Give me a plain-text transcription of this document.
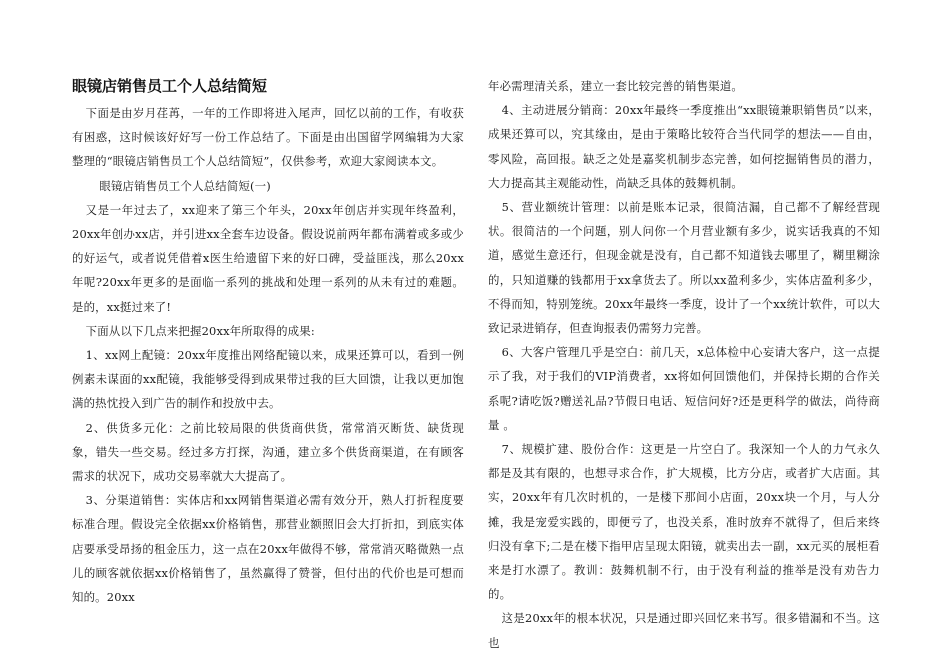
眼镜店销售员工个人总结简短

下面是由岁月荏苒，一年的工作即将进入尾声，回忆以前的工作，有收获有困惑，这时候该好好写一份工作总结了。下面是由出国留学网编辑为大家整理的“眼镜店销售员工个人总结简短”，仅供参考，欢迎大家阅读本文。

眼镜店销售员工个人总结简短(一)

又是一年过去了，xx迎来了第三个年头，20xx年创店并实现年终盈利，20xx年创办xx店，并引进xx全套车边设备。假设说前两年都布满着或多或少的好运气，或者说凭借着x医生给遗留下来的好口碑，受益匪浅，那么20xx年呢?20xx年更多的是面临一系列的挑战和处理一系列的从未有过的难题。是的，xx挺过来了!

下面从以下几点来把握20xx年所取得的成果:

1、xx网上配镜：20xx年度推出网络配镜以来，成果还算可以，看到一例例素未谋面的xx配镜，我能够受得到成果带过我的巨大回馈，让我以更加饱满的热忱投入到广告的制作和投放中去。

2、供货多元化：之前比较局限的供货商供货，常常消灭断货、缺货现象，错失一些交易。经过多方打探，沟通，建立多个供货商渠道，在有顾客需求的状况下，成功交易率就大大提高了。

3、分渠道销售：实体店和xx网销售渠道必需有效分开，熟人打折程度要标准合理。假设完全依据xx价格销售，那营业额照旧会大打折扣，到底实体店要承受昂扬的租金压力，这一点在20xx年做得不够，常常消灭略微熟一点儿的顾客就依据xx价格销售了，虽然赢得了赞誉，但付出的代价也是可想而知的。20xx

年必需理清关系，建立一套比较完善的销售渠道。

4、主动进展分销商：20xx年最终一季度推出“xx眼镜兼职销售员”以来，成果还算可以，究其缘由，是由于策略比较符合当代同学的想法——自由，零风险，高回报。缺乏之处是嘉奖机制步态完善，如何挖掘销售员的潜力，大力提高其主观能动性，尚缺乏具体的鼓舞机制。

5、营业额统计管理：以前是账本记录，很简洁漏，自己都不了解经营现状。很简洁的一个问题，别人问你一个月营业额有多少，说实话我真的不知道，感觉生意还行，但现金就是没有，自己都不知道钱去哪里了，糊里糊涂的，只知道赚的钱都用于xx拿货去了。所以xx盈利多少，实体店盈利多少，不得而知，特别笼统。20xx年最终一季度，设计了一个xx统计软件，可以大致记录进销存，但查询报表仍需努力完善。

6、大客户管理几乎是空白：前几天，x总体检中心妄请大客户，这一点提示了我，对于我们的VIP消费者，xx将如何回馈他们，并保持长期的合作关系呢?请吃饭?赠送礼品?节假日电话、短信问好?还是更科学的做法，尚待商量 。

7、规模扩建、股份合作：这更是一片空白了。我深知一个人的力气永久都是及其有限的，也想寻求合作，扩大规模，比方分店，或者扩大店面。其实，20xx年有几次时机的，一是楼下那间小店面，20xx块一个月，与人分摊，我是宠爱实践的，即便亏了，也没关系，准时放弃不就得了，但后来终归没有拿下;二是在楼下指甲店呈现太阳镜，就卖出去一副，xx元买的展柜看来是打水漂了。教训：鼓舞机制不行，由于没有利益的推举是没有劝告力的。

这是20xx年的根本状况，只是通过即兴回忆来书写。很多错漏和不当。这也
